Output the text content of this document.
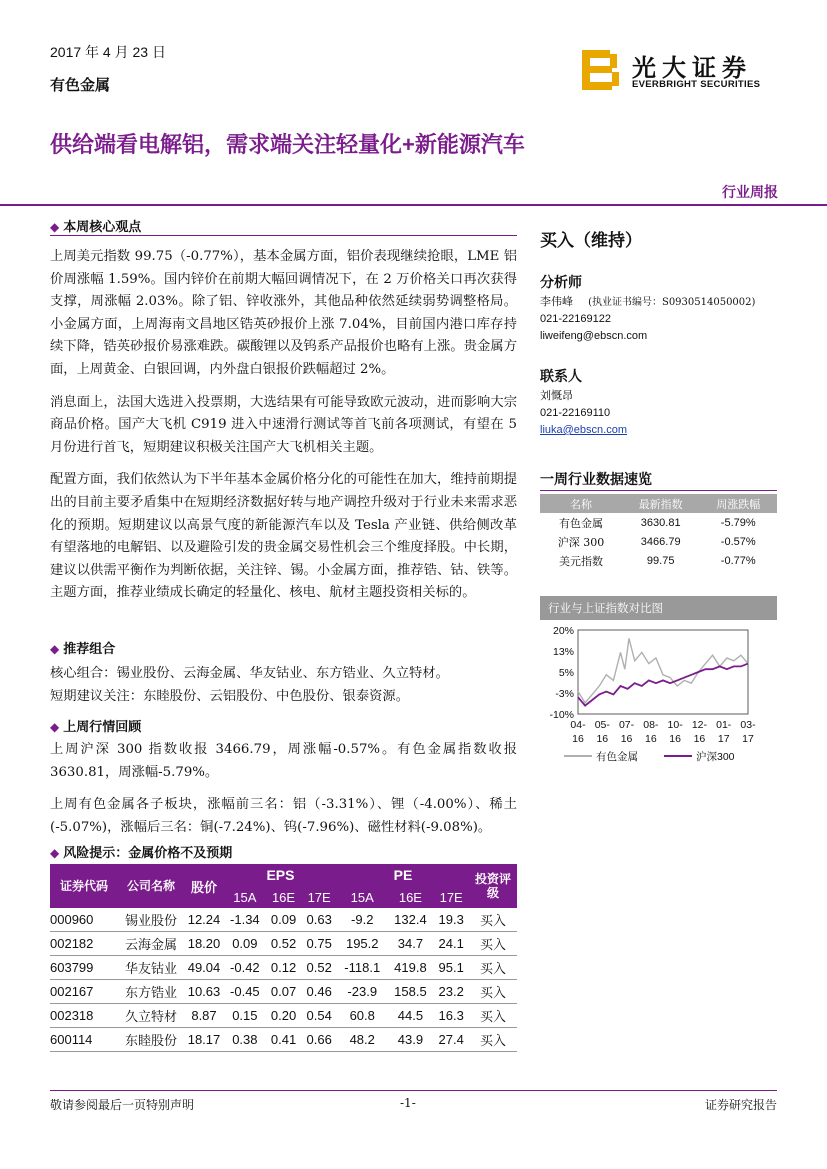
2017 年 4 月 23 日
有色金属
光大证券
EVERBRIGHT SECURITIES
供给端看电解铝，需求端关注轻量化+新能源汽车
行业周报
◆ 本周核心观点

上周美元指数 99.75（-0.77%），基本金属方面，铝价表现继续抢眼，LME 铝价周涨幅 1.59%。国内锌价在前期大幅回调情况下，在 2 万价格关口再次获得支撑，周涨幅 2.03%。除了铝、锌收涨外，其他品种依然延续弱势调整格局。小金属方面，上周海南文昌地区锆英砂报价上涨 7.04%，目前国内港口库存持续下降，锆英砂报价易涨难跌。碳酸锂以及钨系产品报价也略有上涨。贵金属方面，上周黄金、白银回调，内外盘白银报价跌幅超过 2%。

消息面上，法国大选进入投票期，大选结果有可能导致欧元波动，进而影响大宗商品价格。国产大飞机 C919 进入中速滑行测试等首飞前各项测试，有望在 5 月份进行首飞，短期建议积极关注国产大飞机相关主题。

配置方面，我们依然认为下半年基本金属价格分化的可能性在加大，维持前期提出的目前主要矛盾集中在短期经济数据好转与地产调控升级对于行业未来需求恶化的预期。短期建议以高景气度的新能源汽车以及 Tesla 产业链、供给侧改革有望落地的电解铝、以及避险引发的贵金属交易性机会三个维度择股。中长期，建议以供需平衡作为判断依据，关注锌、锡。小金属方面，推荐锆、钴、铁等。主题方面，推荐业绩成长确定的轻量化、核电、航材主题投资相关标的。

◆ 推荐组合

核心组合：锡业股份、云海金属、华友钴业、东方锆业、久立特材。

短期建议关注：东睦股份、云铝股份、中色股份、银泰资源。

◆ 上周行情回顾

上周沪深 300 指数收报 3466.79，周涨幅-0.57%。有色金属指数收报 3630.81，周涨幅-5.79%。

上周有色金属各子板块，涨幅前三名：铝（-3.31%）、锂（-4.00%）、稀土(-5.07%)，涨幅后三名：铜(-7.24%)、钨(-7.96%)、磁性材料(-9.08%)。

◆ 风险提示：金属价格不及预期
证券代码	公司名称	股价	EPS			PE			投资评级
			15A	16E	17E	15A	16E	17E	
000960	锡业股份	12.24	-1.34	0.09	0.63	-9.2	132.4	19.3	买入
002182	云海金属	18.20	0.09	0.52	0.75	195.2	34.7	24.1	买入
603799	华友钴业	49.04	-0.42	0.12	0.52	-118.1	419.8	95.1	买入
002167	东方锆业	10.63	-0.45	0.07	0.46	-23.9	158.5	23.2	买入
002318	久立特材	8.87	0.15	0.20	0.54	60.8	44.5	16.3	买入
600114	东睦股份	18.17	0.38	0.41	0.66	48.2	43.9	27.4	买入
买入（维持）
分析师
李伟峰 (执业证书编号：S0930514050002)
021-22169122
liweifeng@ebscn.com
联系人
刘慨昂
021-22169110
liuka@ebscn.com
一周行业数据速览
名称	最新指数	周涨跌幅
有色金属	3630.81	-5.79%
沪深 300	3466.79	-0.57%
美元指数	99.75	-0.77%
行业与上证指数对比图
20%
13%
5%
-3%
-10%
04-
16
05-
16
07-
16
08-
16
10-
16
12-
16
01-
17
03-
17
有色金属	沪深300
敬请参阅最后一页特别声明	-1-	证券研究报告
